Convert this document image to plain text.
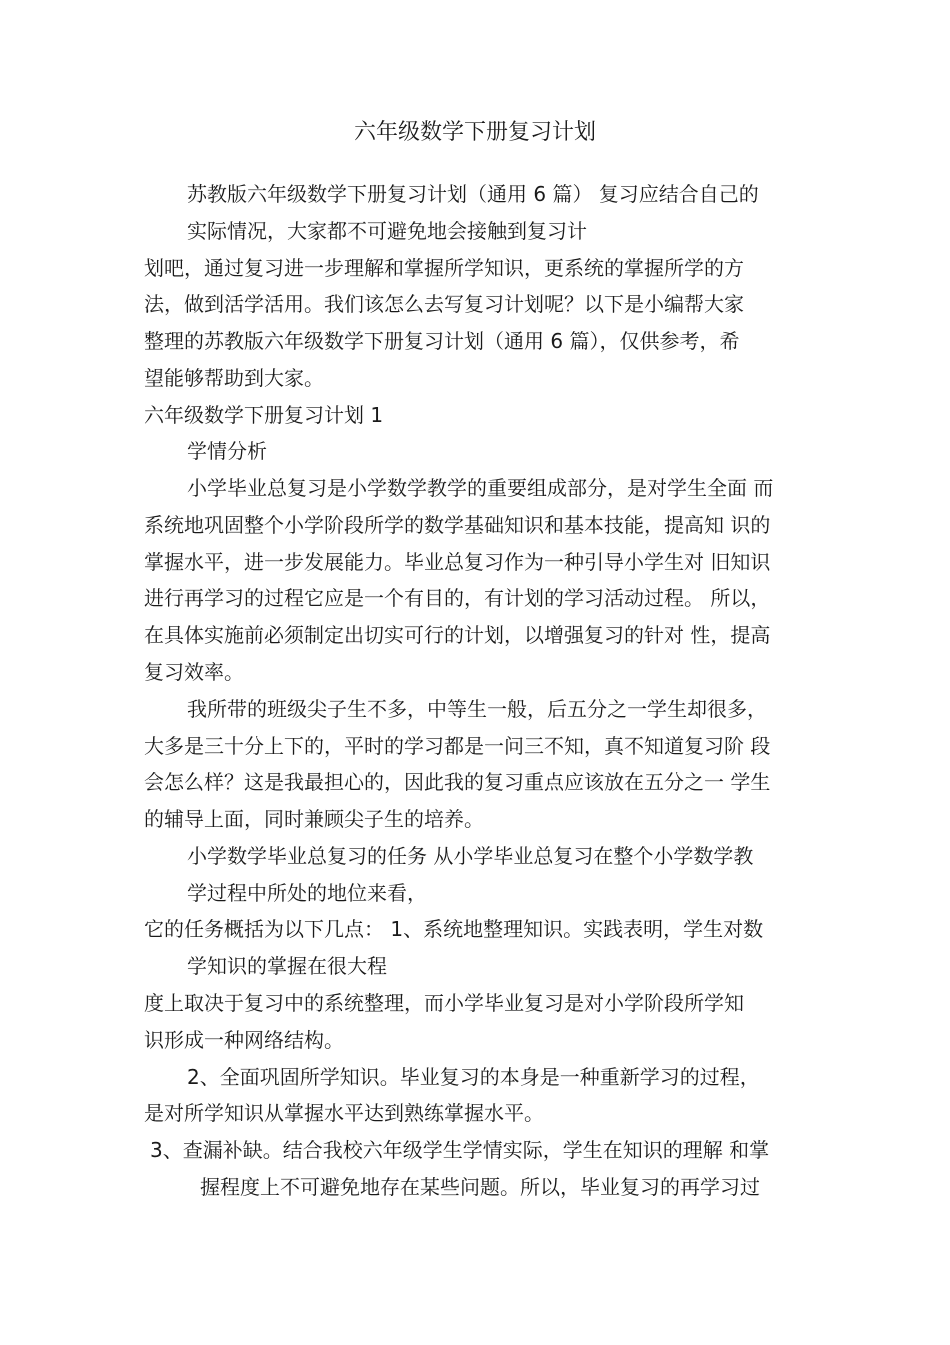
六年级数学下册复习计划
苏教版六年级数学下册复习计划（通用 6 篇） 复习应结合自己的
实际情况，大家都不可避免地会接触到复习计
划吧，通过复习进一步理解和掌握所学知识，更系统的掌握所学的方
法，做到活学活用。我们该怎么去写复习计划呢？以下是小编帮大家
整理的苏教版六年级数学下册复习计划（通用 6 篇），仅供参考，希
望能够帮助到大家。
六年级数学下册复习计划 1
学情分析
小学毕业总复习是小学数学教学的重要组成部分，是对学生全面 而
系统地巩固整个小学阶段所学的数学基础知识和基本技能，提高知 识的
掌握水平，进一步发展能力。毕业总复习作为一种引导小学生对 旧知识
进行再学习的过程它应是一个有目的，有计划的学习活动过程。 所以，
在具体实施前必须制定出切实可行的计划，以增强复习的针对 性，提高
复习效率。
我所带的班级尖子生不多，中等生一般，后五分之一学生却很多，
大多是三十分上下的，平时的学习都是一问三不知，真不知道复习阶 段
会怎么样？这是我最担心的，因此我的复习重点应该放在五分之一 学生
的辅导上面，同时兼顾尖子生的培养。
小学数学毕业总复习的任务 从小学毕业总复习在整个小学数学教
学过程中所处的地位来看，
它的任务概括为以下几点： 1、系统地整理知识。实践表明，学生对数
学知识的掌握在很大程
度上取决于复习中的系统整理，而小学毕业复习是对小学阶段所学知
识形成一种网络结构。
2、全面巩固所学知识。毕业复习的本身是一种重新学习的过程，
是对所学知识从掌握水平达到熟练掌握水平。
3、查漏补缺。结合我校六年级学生学情实际，学生在知识的理解 和掌
握程度上不可避免地存在某些问题。所以，毕业复习的再学习过
